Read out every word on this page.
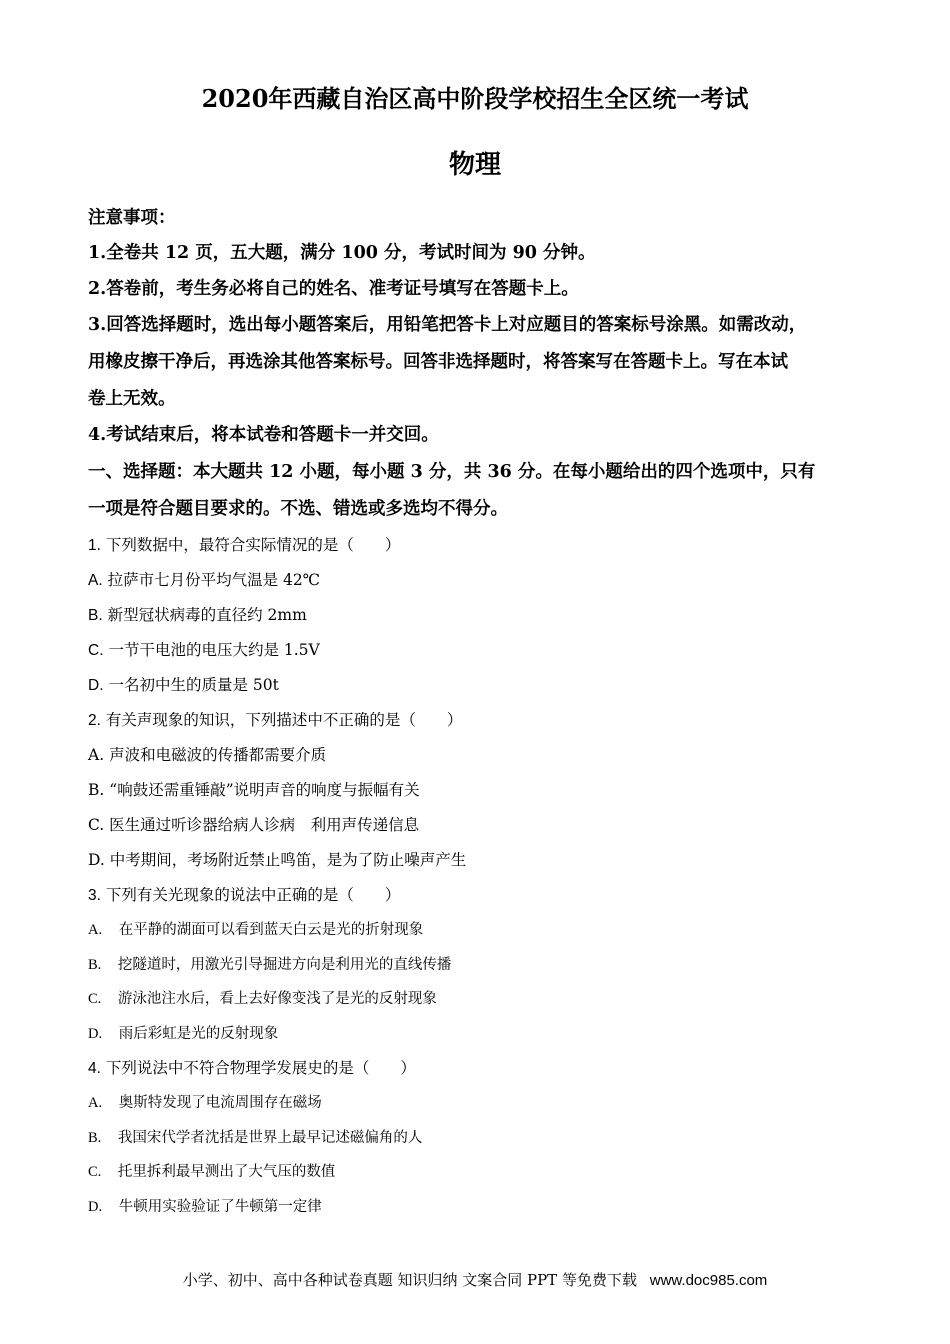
2020年西藏自治区高中阶段学校招生全区统一考试
物理
注意事项：
1.全卷共 12 页，五大题，满分 100 分，考试时间为 90 分钟。
2.答卷前，考生务必将自己的姓名、准考证号填写在答题卡上。
3.回答选择题时，选出每小题答案后，用铅笔把答卡上对应题目的答案标号涂黑。如需改动，
用橡皮擦干净后，再选涂其他答案标号。回答非选择题时，将答案写在答题卡上。写在本试
卷上无效。
4.考试结束后，将本试卷和答题卡一并交回。
一、选择题：本大题共 12 小题，每小题 3 分，共 36 分。在每小题给出的四个选项中，只有
一项是符合题目要求的。不选、错选或多选均不得分。
1. 下列数据中，最符合实际情况的是（　　）
A. 拉萨市七月份平均气温是 42℃
B. 新型冠状病毒的直径约 2mm
C. 一节干电池的电压大约是 1.5V
D. 一名初中生的质量是 50t
2. 有关声现象的知识，下列描述中不正确的是（　　）
A. 声波和电磁波的传播都需要介质
B. “响鼓还需重锤敲”说明声音的响度与振幅有关
C. 医生通过听诊器给病人诊病　利用声传递信息
D. 中考期间，考场附近禁止鸣笛，是为了防止噪声产生
3. 下列有关光现象的说法中正确的是（　　）
A. 在平静的湖面可以看到蓝天白云是光的折射现象
B. 挖隧道时，用激光引导掘进方向是利用光的直线传播
C. 游泳池注水后，看上去好像变浅了是光的反射现象
D. 雨后彩虹是光的反射现象
4. 下列说法中不符合物理学发展史的是（　　）
A. 奥斯特发现了电流周围存在磁场
B. 我国宋代学者沈括是世界上最早记述磁偏角的人
C. 托里拆利最早测出了大气压的数值
D. 牛顿用实验验证了牛顿第一定律
小学、初中、高中各种试卷真题 知识归纳 文案合同 PPT 等免费下载 www.doc985.com
